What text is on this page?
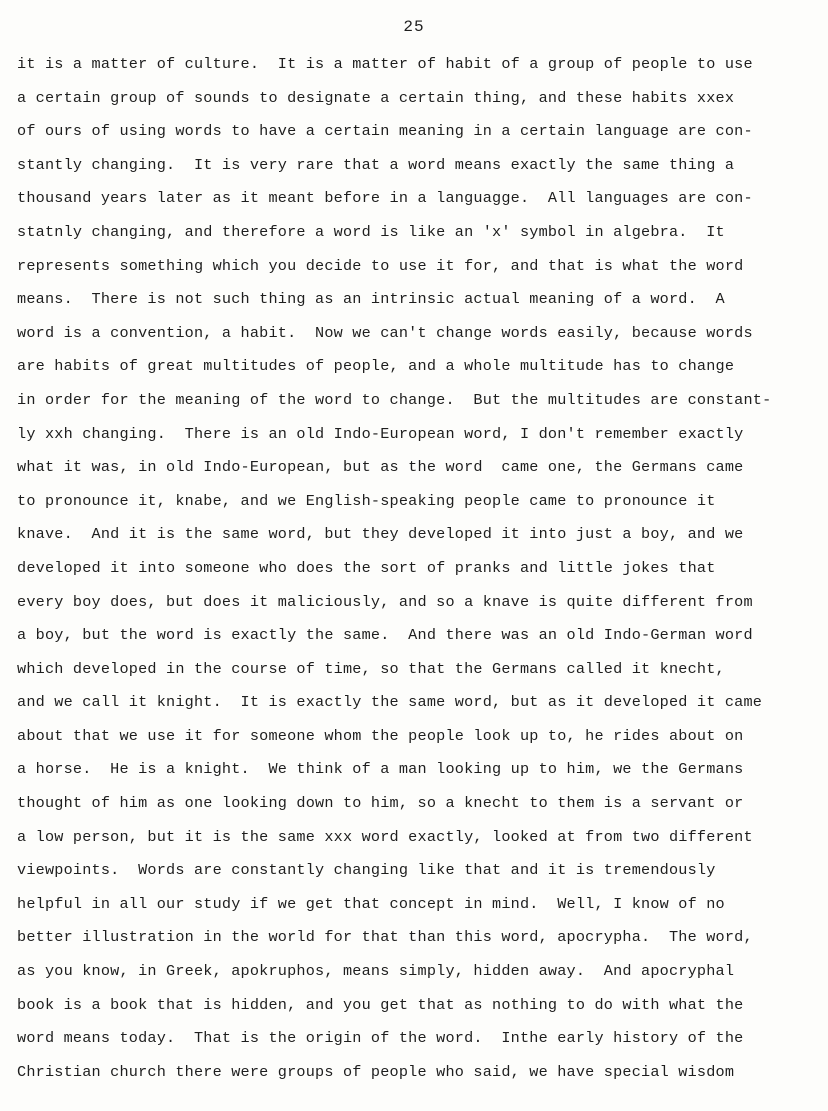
25
it is a matter of culture.  It is a matter of habit of a group of people to use
a certain group of sounds to designate a certain thing, and these habits xxex
of ours of using words to have a certain meaning in a certain language are con-
stantly changing.  It is very rare that a word means exactly the same thing a
thousand years later as it meant before in a languagge.  All languages are con-
statnly changing, and therefore a word is like an 'x' symbol in algebra.  It
represents something which you decide to use it for, and that is what the word
means.  There is not such thing as an intrinsic actual meaning of a word.  A
word is a convention, a habit.  Now we can't change words easily, because words
are habits of great multitudes of people, and a whole multitude has to change
in order for the meaning of the word to change.  But the multitudes are constant-
ly xxh changing.  There is an old Indo-European word, I don't remember exactly
what it was, in old Indo-European, but as the word  came one, the Germans came
to pronounce it, knabe, and we English-speaking people came to pronounce it
knave.  And it is the same word, but they developed it into just a boy, and we
developed it into someone who does the sort of pranks and little jokes that
every boy does, but does it maliciously, and so a knave is quite different from
a boy, but the word is exactly the same.  And there was an old Indo-German word
which developed in the course of time, so that the Germans called it knecht,
and we call it knight.  It is exactly the same word, but as it developed it came
about that we use it for someone whom the people look up to, he rides about on
a horse.  He is a knight.  We think of a man looking up to him, we the Germans
thought of him as one looking down to him, so a knecht to them is a servant or
a low person, but it is the same xxx word exactly, looked at from two different
viewpoints.  Words are constantly changing like that and it is tremendously
helpful in all our study if we get that concept in mind.  Well, I know of no
better illustration in the world for that than this word, apocrypha.  The word,
as you know, in Greek, apokruphos, means simply, hidden away.  And apocryphal
book is a book that is hidden, and you get that as nothing to do with what the
word means today.  That is the origin of the word.  Inthe early history of the
Christian church there were groups of people who said, we have special wisdom
